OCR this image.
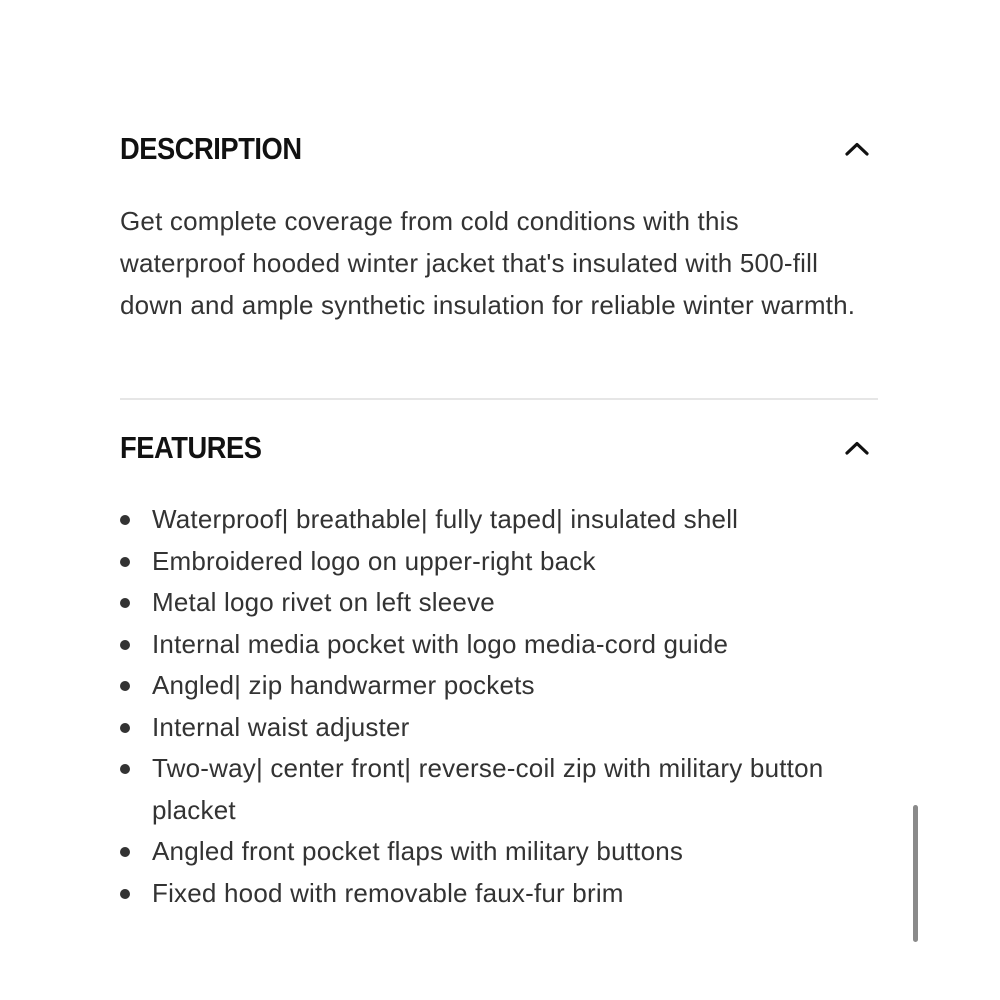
DESCRIPTION

Get complete coverage from cold conditions with this waterproof hooded winter jacket that's insulated with 500-fill down and ample synthetic insulation for reliable winter warmth.

FEATURES
Waterproof| breathable| fully taped| insulated shell
Embroidered logo on upper-right back
Metal logo rivet on left sleeve
Internal media pocket with logo media-cord guide
Angled| zip handwarmer pockets
Internal waist adjuster
Two-way| center front| reverse-coil zip with military button placket
Angled front pocket flaps with military buttons
Fixed hood with removable faux-fur brim
